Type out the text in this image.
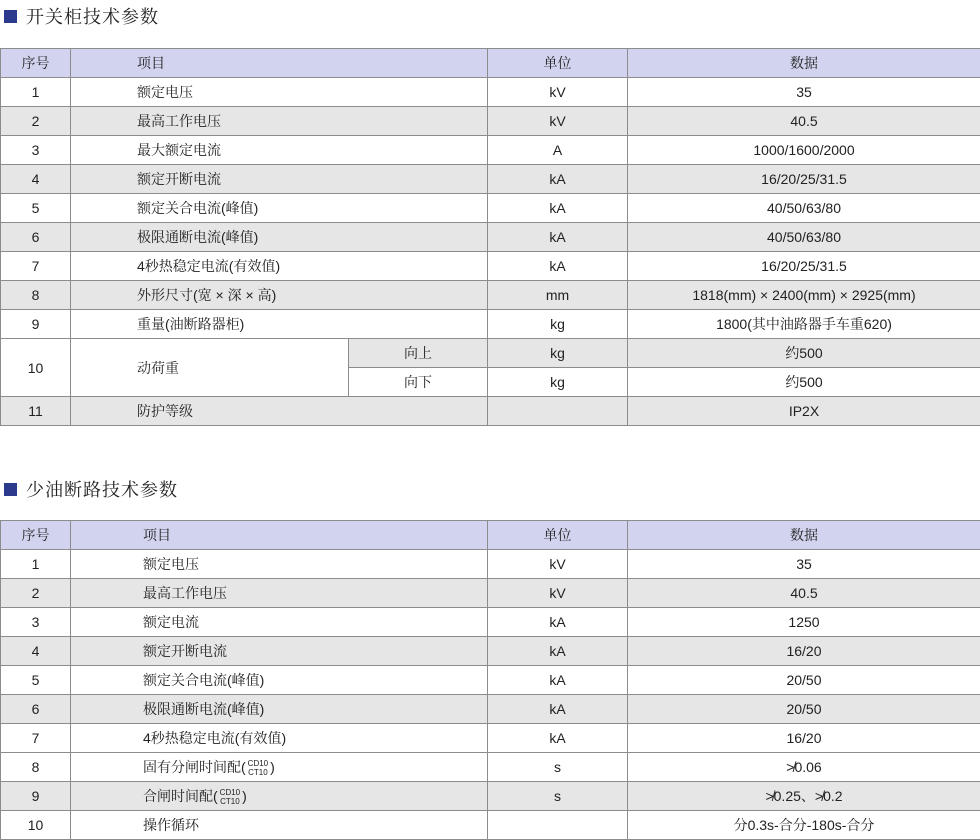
开关柜技术参数
序号	项目		单位	数据
1	额定电压		kV	35
2	最高工作电压		kV	40.5
3	最大额定电流		A	1000/1600/2000
4	额定开断电流		kA	16/20/25/31.5
5	额定关合电流(峰值)		kA	40/50/63/80
6	极限通断电流(峰值)		kA	40/50/63/80
7	4秒热稳定电流(有效值)		kA	16/20/25/31.5
8	外形尺寸(宽 × 深 × 高)		mm	1818(mm) × 2400(mm) × 2925(mm)
9	重量(油断路器柜)		kg	1800(其中油路器手车重620)
10	动荷重	向上	kg	约500
		向下	kg	约500
11	防护等级			IP2X
少油断路技术参数
序号	项目	单位	数据
1	额定电压	kV	35
2	最高工作电压	kV	40.5
3	额定电流	kA	1250
4	额定开断电流	kA	16/20
5	额定关合电流(峰值)	kA	20/50
6	极限通断电流(峰值)	kA	20/50
7	4秒热稳定电流(有效值)	kA	16/20
8	固有分闸时间配( CD10
CT10 )	s	≯0.06
9	合闸时间配( CD10
CT10 )	s	≯0.25、≯0.2
10	操作循环		分0.3s-合分-180s-合分
